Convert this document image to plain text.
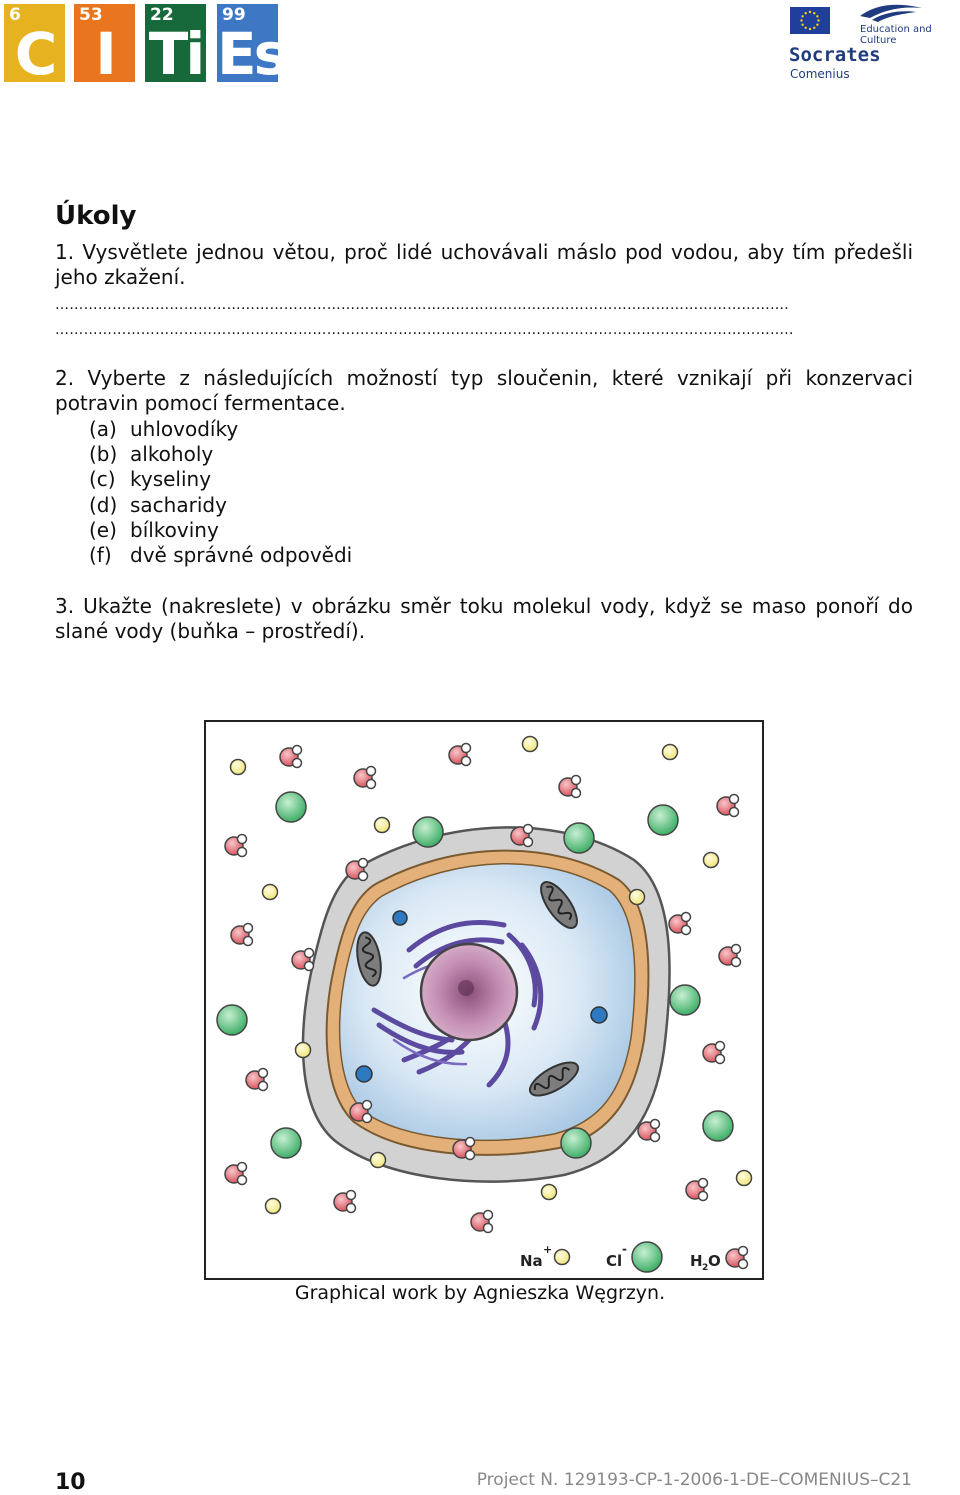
6
C
53
I
22
Ti
99
Es	Education and Culture
Socrates
Comenius
Úkoly
1. Vysvětlete jednou větou, proč lidé uchovávali máslo pod vodou, aby tím předešli jeho zkažení.
……………………………………………………………………………………………………………………………………….
………………………………………………………………………………………………………………………………………..
2. Vyberte z následujících možností typ sloučenin, které vznikají při konzervaci potravin pomocí fermentace.
(a) uhlovodíky
(b) alkoholy
(c) kyseliny
(d) sacharidy
(e) bílkoviny
(f) dvě správné odpovědi
3. Ukažte (nakreslete) v obrázku směr toku molekul vody, když se maso ponoří do slané vody (buňka – prostředí).
Na
+
Cl
-
H 2 O
Graphical work by Agnieszka Węgrzyn.
10	Project N. 129193-CP-1-2006-1-DE–COMENIUS–C21
